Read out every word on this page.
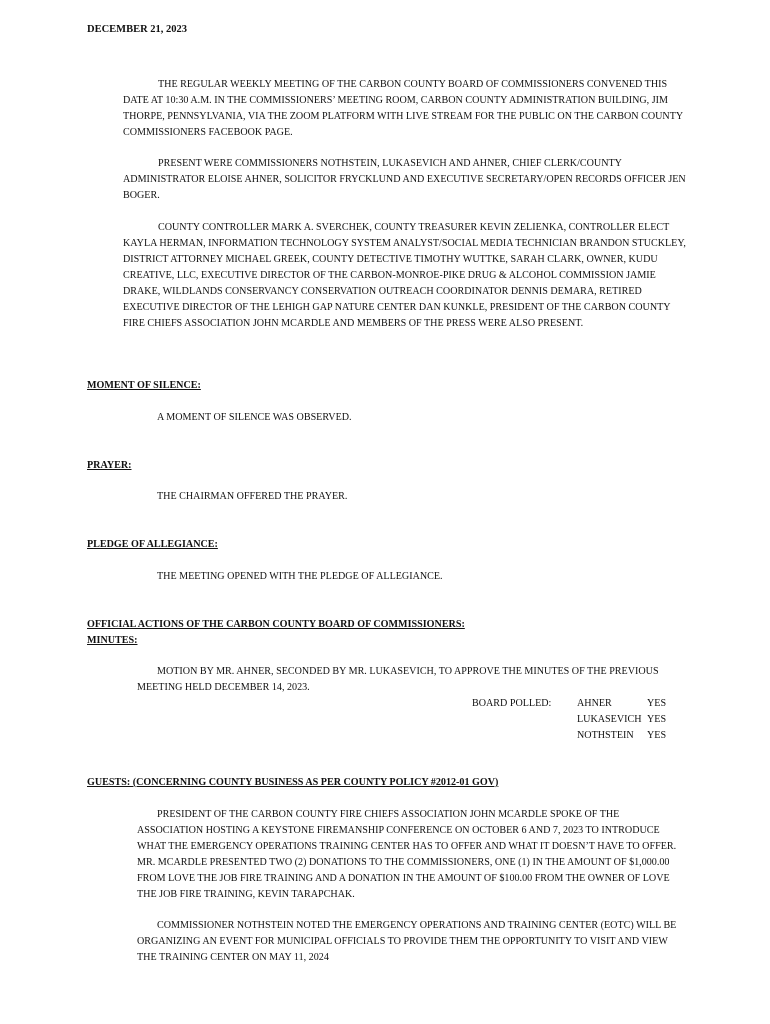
DECEMBER 21, 2023
THE REGULAR WEEKLY MEETING OF THE CARBON COUNTY BOARD OF COMMISSIONERS CONVENED THIS DATE AT 10:30 A.M. IN THE COMMISSIONERS’ MEETING ROOM, CARBON COUNTY ADMINISTRATION BUILDING, JIM THORPE, PENNSYLVANIA, VIA THE ZOOM PLATFORM WITH LIVE STREAM FOR THE PUBLIC ON THE CARBON COUNTY COMMISSIONERS FACEBOOK PAGE.
PRESENT WERE COMMISSIONERS NOTHSTEIN, LUKASEVICH AND AHNER, CHIEF CLERK/COUNTY ADMINISTRATOR ELOISE AHNER, SOLICITOR FRYCKLUND AND EXECUTIVE SECRETARY/OPEN RECORDS OFFICER JEN BOGER.
COUNTY CONTROLLER MARK A. SVERCHEK, COUNTY TREASURER KEVIN ZELIENKA, CONTROLLER ELECT KAYLA HERMAN, INFORMATION TECHNOLOGY SYSTEM ANALYST/SOCIAL MEDIA TECHNICIAN BRANDON STUCKLEY, DISTRICT ATTORNEY MICHAEL GREEK, COUNTY DETECTIVE TIMOTHY WUTTKE, SARAH CLARK, OWNER, KUDU CREATIVE, LLC, EXECUTIVE DIRECTOR OF THE CARBON-MONROE-PIKE DRUG & ALCOHOL COMMISSION JAMIE DRAKE, WILDLANDS CONSERVANCY CONSERVATION OUTREACH COORDINATOR DENNIS DEMARA, RETIRED EXECUTIVE DIRECTOR OF THE LEHIGH GAP NATURE CENTER DAN KUNKLE, PRESIDENT OF THE CARBON COUNTY FIRE CHIEFS ASSOCIATION JOHN MCARDLE AND MEMBERS OF THE PRESS WERE ALSO PRESENT.
MOMENT OF SILENCE:
A MOMENT OF SILENCE WAS OBSERVED.
PRAYER:
THE CHAIRMAN OFFERED THE PRAYER.
PLEDGE OF ALLEGIANCE:
THE MEETING OPENED WITH THE PLEDGE OF ALLEGIANCE.
OFFICIAL ACTIONS OF THE CARBON COUNTY BOARD OF COMMISSIONERS:
MINUTES:
MOTION BY MR. AHNER, SECONDED BY MR. LUKASEVICH, TO APPROVE THE MINUTES OF THE PREVIOUS MEETING HELD DECEMBER 14, 2023.
BOARD POLLED:	AHNER	YES
LUKASEVICH YES
NOTHSTEIN YES
GUESTS: (CONCERNING COUNTY BUSINESS AS PER COUNTY POLICY #2012-01 GOV)
PRESIDENT OF THE CARBON COUNTY FIRE CHIEFS ASSOCIATION JOHN MCARDLE SPOKE OF THE ASSOCIATION HOSTING A KEYSTONE FIREMANSHIP CONFERENCE ON OCTOBER 6 AND 7, 2023 TO INTRODUCE WHAT THE EMERGENCY OPERATIONS TRAINING CENTER HAS TO OFFER AND WHAT IT DOESN’T HAVE TO OFFER. MR. MCARDLE PRESENTED TWO (2) DONATIONS TO THE COMMISSIONERS, ONE (1) IN THE AMOUNT OF $1,000.00 FROM LOVE THE JOB FIRE TRAINING AND A DONATION IN THE AMOUNT OF $100.00 FROM THE OWNER OF LOVE THE JOB FIRE TRAINING, KEVIN TARAPCHAK.
COMMISSIONER NOTHSTEIN NOTED THE EMERGENCY OPERATIONS AND TRAINING CENTER (EOTC) WILL BE ORGANIZING AN EVENT FOR MUNICIPAL OFFICIALS TO PROVIDE THEM THE OPPORTUNITY TO VISIT AND VIEW THE TRAINING CENTER ON MAY 11, 2024
